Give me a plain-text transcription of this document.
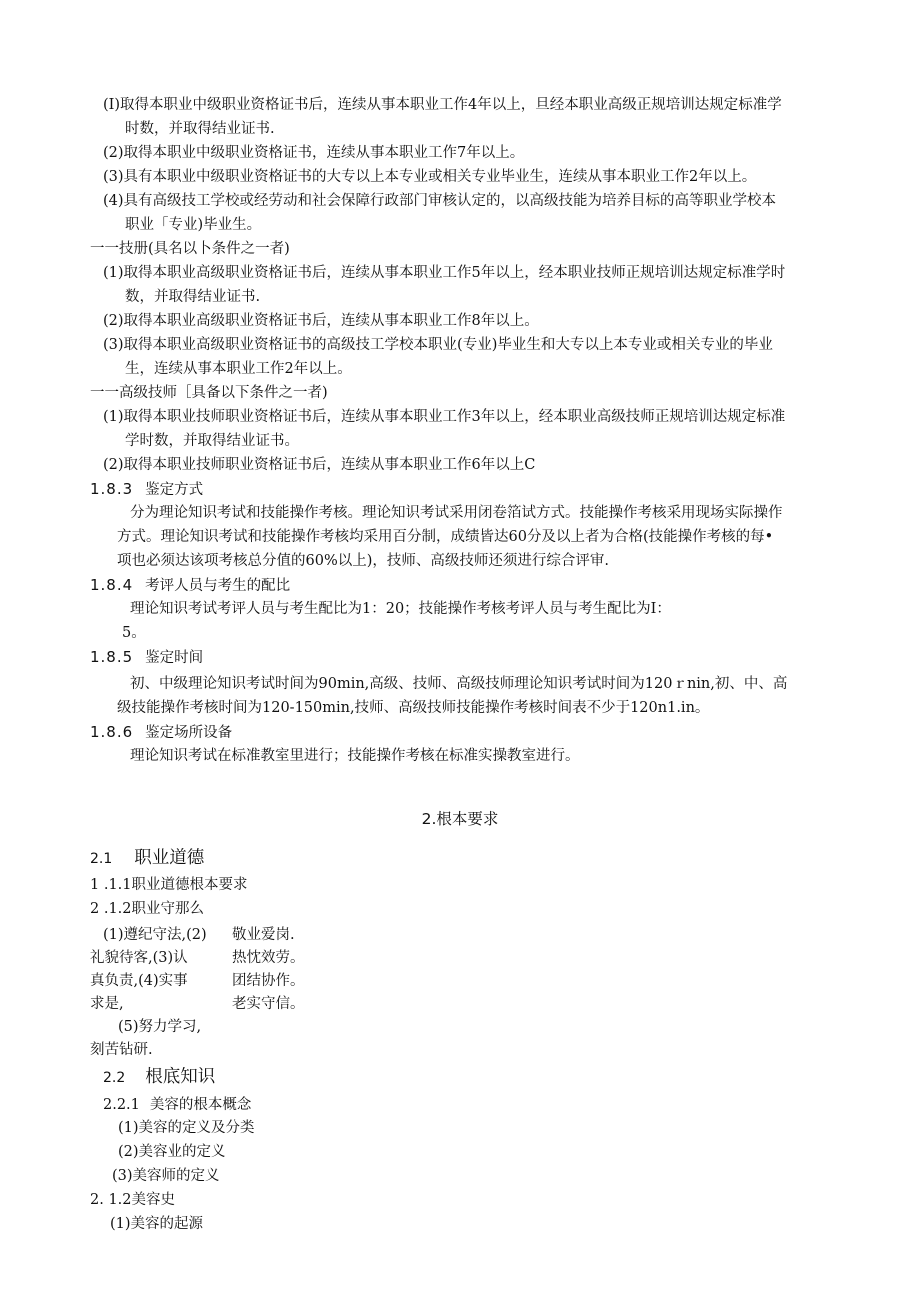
(I)取得本职业中级职业资格证书后，连续从事本职业工作4年以上，旦经本职业高级正规培训达规定标准学
时数，并取得结业证书.
(2)取得本职业中级职业资格证书，连续从事本职业工作7年以上。
(3)具有本职业中级职业资格证书的大专以上本专业或相关专业毕业生，连续从事本职业工作2年以上。
(4)具有高级技工学校或经劳动和社会保障行政部门审核认定的，以高级技能为培养目标的高等职业学校本
职业「专业)毕业生。
一一技册(具名以卜条件之一者)
(1)取得本职业高级职业资格证书后，连续从事本职业工作5年以上，经本职业技师正规培训达规定标准学时
数，并取得结业证书.
(2)取得本职业高级职业资格证书后，连续从事本职业工作8年以上。
(3)取得本职业高级职业资格证书的高级技工学校本职业(专业)毕业生和大专以上本专业或相关专业的毕业
生，连续从事本职业工作2年以上。
一一高级技师［具备以下条件之一者)
(1)取得本职业技师职业资格证书后，连续从事本职业工作3年以上，经本职业高级技师正规培训达规定标准
学时数，并取得结业证书。
(2)取得本职业技师职业资格证书后，连续从事本职业工作6年以上C
1.8.3 鉴定方式
分为理论知识考试和技能操作考核。理论知识考试采用闭卷箔试方式。技能操作考核采用现场实际操作
方式。理论知识考试和技能操作考核均采用百分制，成绩皆达60分及以上者为合格(技能操作考核的每•
项也必须达该项考核总分值的60%以上)，技师、高级技师还须进行综合评审.
1.8.4 考评人员与考生的配比
理论知识考试考评人员与考生配比为1：20；技能操作考核考评人员与考生配比为I：
5。
1.8.5 鉴定时间
初、中级理论知识考试时间为90min,高级、技师、高级技师理论知识考试时间为120ｒnin,初、中、高
级技能操作考核时间为120-150min,技师、高级技师技能操作考核时间表不少于120n1.in。
1.8.6 鉴定场所设备
理论知识考试在标准教室里进行；技能操作考核在标准实操教室进行。
2.根本要求
2.1 职业道德
1 .1.1职业道德根本要求
2 .1.2职业守那么
(1)遵纪守法,(2)
礼貌待客,(3)认
真负责,(4)实事
求是,
敬业爱岗.
热忱效劳。
团结协作。
老实守信。
(5)努力学习,
刻苦钻研.
2.2 根底知识
2.2.1 美容的根本概念
(1)美容的定义及分类
(2)美容业的定义
(3)美容师的定义
2. 1.2美容史
(1)美容的起源
